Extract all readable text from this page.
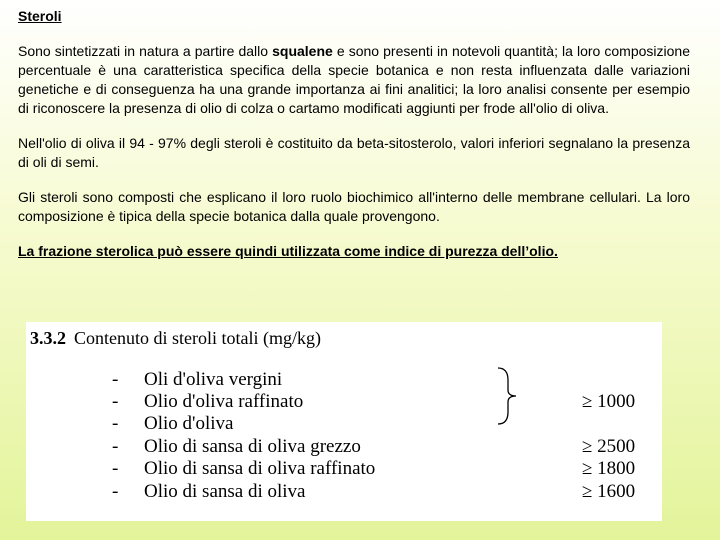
Steroli

Sono sintetizzati in natura a partire dallo squalene e sono presenti in notevoli quantità; la loro composizione percentuale è una caratteristica specifica della specie botanica e non resta influenzata dalle variazioni genetiche e di conseguenza ha una grande importanza ai fini analitici; la loro analisi consente per esempio di riconoscere la presenza di olio di colza o cartamo modificati aggiunti per frode all'olio di oliva.

Nell'olio di oliva il 94 - 97% degli steroli è costituito da beta-sitosterolo, valori inferiori segnalano la presenza di oli di semi.

Gli steroli sono composti che esplicano il loro ruolo biochimico all'interno delle membrane cellulari. La loro composizione è tipica della specie botanica dalla quale provengono.

La frazione sterolica può essere quindi utilizzata come indice di purezza dell’olio.

3.3.2 Contenuto di steroli totali (mg/kg)
- Oli d'oliva vergini
- Olio d'oliva raffinato	≥ 1000
- Olio d'oliva
- Olio di sansa di oliva grezzo	≥ 2500
- Olio di sansa di oliva raffinato	≥ 1800
- Olio di sansa di oliva	≥ 1600
